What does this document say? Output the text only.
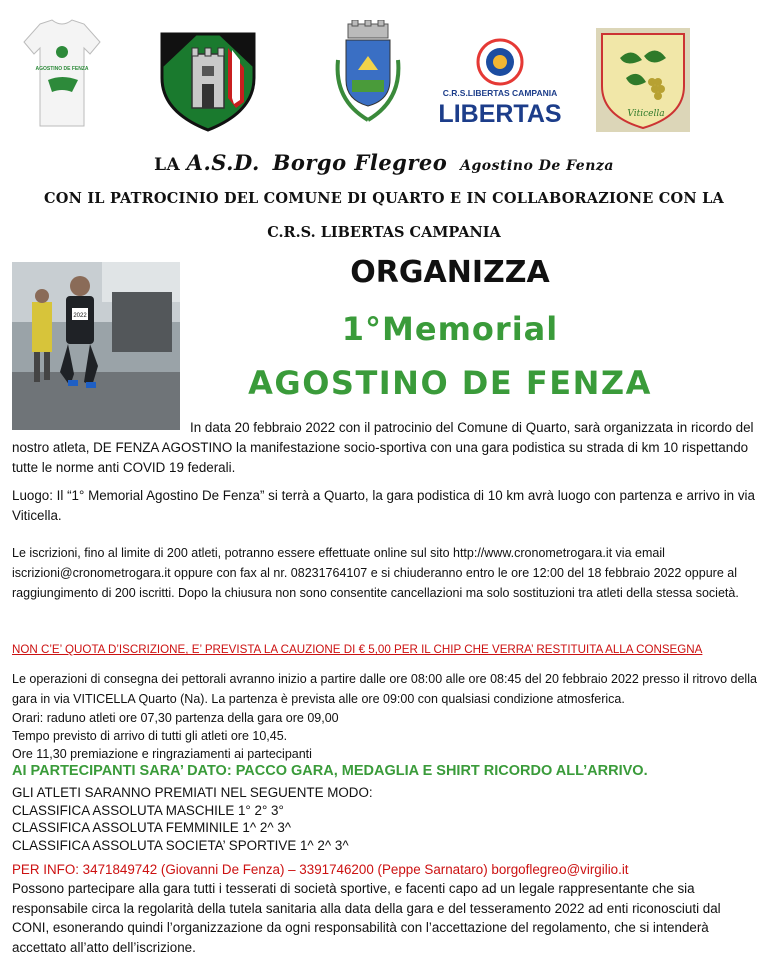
AGOSTINO DE FENZA
C.R.S.LIBERTAS CAMPANIA
LIBERTAS	Viticella
LA A.S.D. Borgo Flegreo Agostino De Fenza
CON IL PATROCINIO DEL COMUNE DI QUARTO E IN COLLABORAZIONE CON LA
C.R.S. LIBERTAS CAMPANIA
2022
ORGANIZZA
1°Memorial
AGOSTINO DE FENZA
In data 20 febbraio 2022 con il patrocinio del Comune di Quarto, sarà organizzata in ricordo del nostro atleta, DE FENZA AGOSTINO la manifestazione socio-sportiva con una gara podistica su strada di km 10 rispettando tutte le norme anti COVID 19 federali.
Luogo: Il “1° Memorial Agostino De Fenza” si terrà a Quarto, la gara podistica di 10 km avrà luogo con partenza e arrivo in via Viticella.
Le iscrizioni, fino al limite di 200 atleti, potranno essere effettuate online sul sito http://www.cronometrogara.it via email iscrizioni@cronometrogara.it oppure con fax al nr. 08231764107 e si chiuderanno entro le ore 12:00 del 18 febbraio 2022 oppure al raggiungimento di 200 iscritti. Dopo la chiusura non sono consentite cancellazioni ma solo sostituzioni tra atleti della stessa società.
NON C’E’ QUOTA D’ISCRIZIONE, E’ PREVISTA LA CAUZIONE DI € 5,00 PER IL CHIP CHE VERRA’ RESTITUITA ALLA CONSEGNA
Le operazioni di consegna dei pettorali avranno inizio a partire dalle ore 08:00 alle ore 08:45 del 20 febbraio 2022 presso il ritrovo della gara in via VITICELLA Quarto (Na). La partenza è prevista alle ore 09:00 con qualsiasi condizione atmosferica.
Orari: raduno atleti ore 07,30 partenza della gara ore 09,00
Tempo previsto di arrivo di tutti gli atleti ore 10,45.
Ore 11,30 premiazione e ringraziamenti ai partecipanti
AI PARTECIPANTI SARA’ DATO: PACCO GARA, MEDAGLIA E SHIRT RICORDO ALL’ARRIVO.
GLI ATLETI SARANNO PREMIATI NEL SEGUENTE MODO:
CLASSIFICA ASSOLUTA MASCHILE 1° 2° 3°
CLASSIFICA ASSOLUTA FEMMINILE 1^ 2^ 3^
CLASSIFICA ASSOLUTA SOCIETA’ SPORTIVE 1^ 2^ 3^
PER INFO: 3471849742 (Giovanni De Fenza) – 3391746200 (Peppe Sarnataro) borgoflegreo@virgilio.it
Possono partecipare alla gara tutti i tesserati di società sportive, e facenti capo ad un legale rappresentante che sia responsabile circa la regolarità della tutela sanitaria alla data della gara e del tesseramento 2022 ad enti riconosciuti dal CONI, esonerando quindi l’organizzazione da ogni responsabilità con l’accettazione del regolamento, che si intenderà accettato all’atto dell’iscrizione.
